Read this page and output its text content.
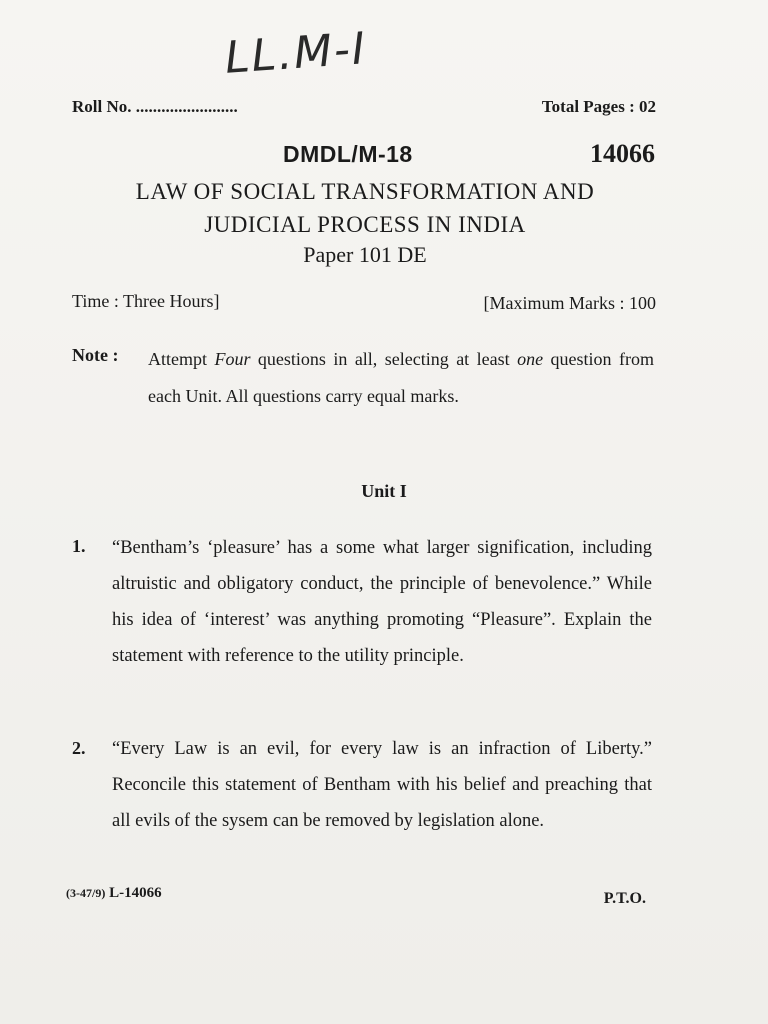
LL.M-I
Roll No. ........................	Total Pages : 02
DMDL/M-18	14066
LAW OF SOCIAL TRANSFORMATION AND
JUDICIAL PROCESS IN INDIA
Paper 101 DE
Time : Three Hours]	[Maximum Marks : 100
Note : Attempt Four questions in all, selecting at least one question from each Unit. All questions carry equal marks.
Unit I
1. “Bentham’s ‘pleasure’ has a some what larger signification, including altruistic and obligatory conduct, the principle of benevolence.” While his idea of ‘interest’ was anything promoting “Pleasure”. Explain the statement with reference to the utility principle.
2. “Every Law is an evil, for every law is an infraction of Liberty.” Reconcile this statement of Bentham with his belief and preaching that all evils of the sysem can be removed by legislation alone.
(3-47/9) L-14066	P.T.O.
